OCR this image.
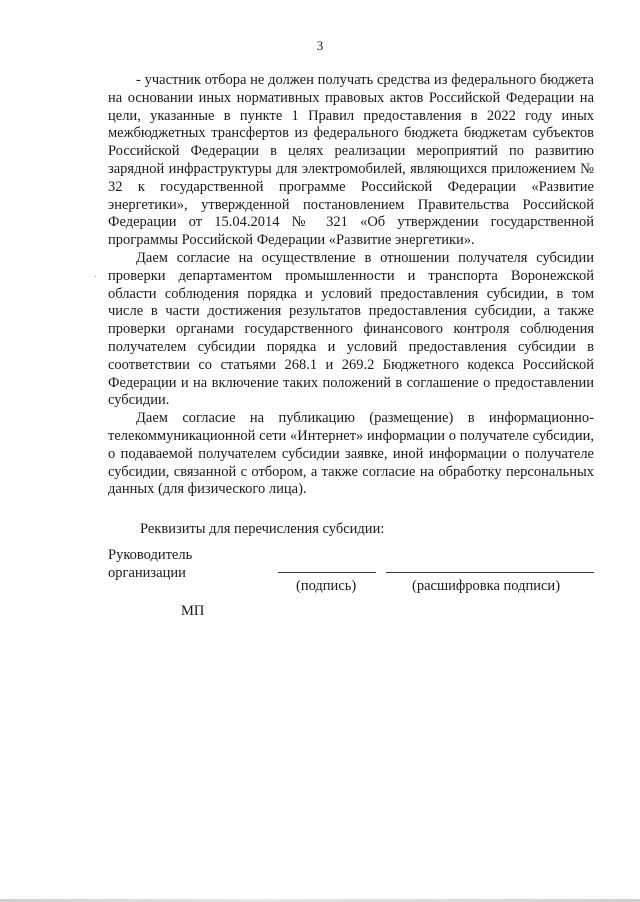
3

- участник отбора не должен получать средства из федерального бюджета на основании иных нормативных правовых актов Российской Федерации на цели, указанные в пункте 1 Правил предоставления в 2022 году иных межбюджетных трансфертов из федерального бюджета бюджетам субъектов Российской Федерации в целях реализации мероприятий по развитию зарядной инфраструктуры для электромобилей, являющихся приложением № 32 к государственной программе Российской Федерации «Развитие энергетики», утвержденной постановлением Правительства Российской Федерации от 15.04.2014 № 321 «Об утверждении государственной программы Российской Федерации «Развитие энергетики».

Даем согласие на осуществление в отношении получателя субсидии проверки департаментом промышленности и транспорта Воронежской области соблюдения порядка и условий предоставления субсидии, в том числе в части достижения результатов предоставления субсидии, а также проверки органами государственного финансового контроля соблюдения получателем субсидии порядка и условий предоставления субсидии в соответствии со статьями 268.1 и 269.2 Бюджетного кодекса Российской Федерации и на включение таких положений в соглашение о предоставлении субсидии.

Даем согласие на публикацию (размещение) в информационно-телекоммуникационной сети «Интернет» информации о получателе субсидии, о подаваемой получателем субсидии заявке, иной информации о получателе субсидии, связанной с отбором, а также согласие на обработку персональных данных (для физического лица).

Реквизиты для перечисления субсидии:
Руководитель
организации
(подпись)	(расшифровка подписи)
МП
